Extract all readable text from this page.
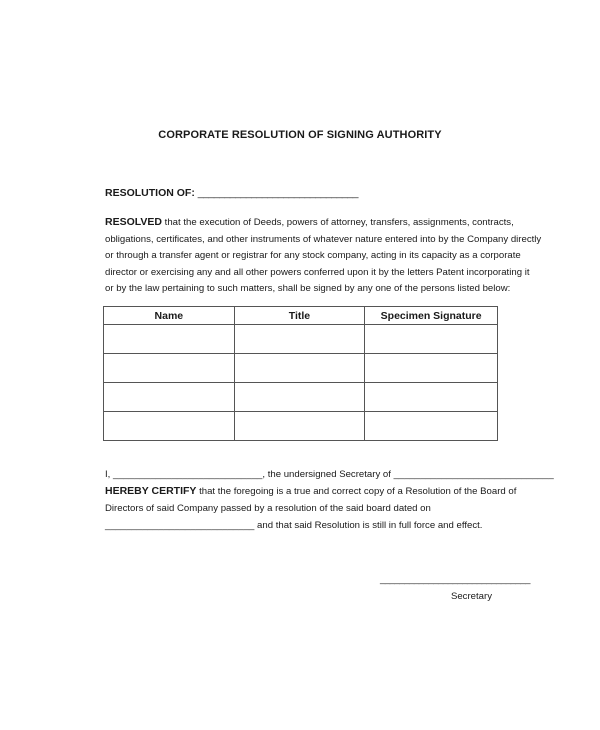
CORPORATE RESOLUTION OF SIGNING AUTHORITY
RESOLUTION OF: ______________________________
RESOLVED that the execution of Deeds, powers of attorney, transfers, assignments, contracts,
obligations, certificates, and other instruments of whatever nature entered into by the Company directly
or through a transfer agent or registrar for any stock company, acting in its capacity as a corporate
director or exercising any and all other powers conferred upon it by the letters Patent incorporating it
or by the law pertaining to such matters, shall be signed by any one of the persons listed below:
Name	Title	Specimen Signature

I, ____________________________, the undersigned Secretary of ______________________________
HEREBY CERTIFY that the foregoing is a true and correct copy of a Resolution of the Board of
Directors of said Company passed by a resolution of the said board dated on
____________________________ and that said Resolution is still in full force and effect.
_______________________________
Secretary
